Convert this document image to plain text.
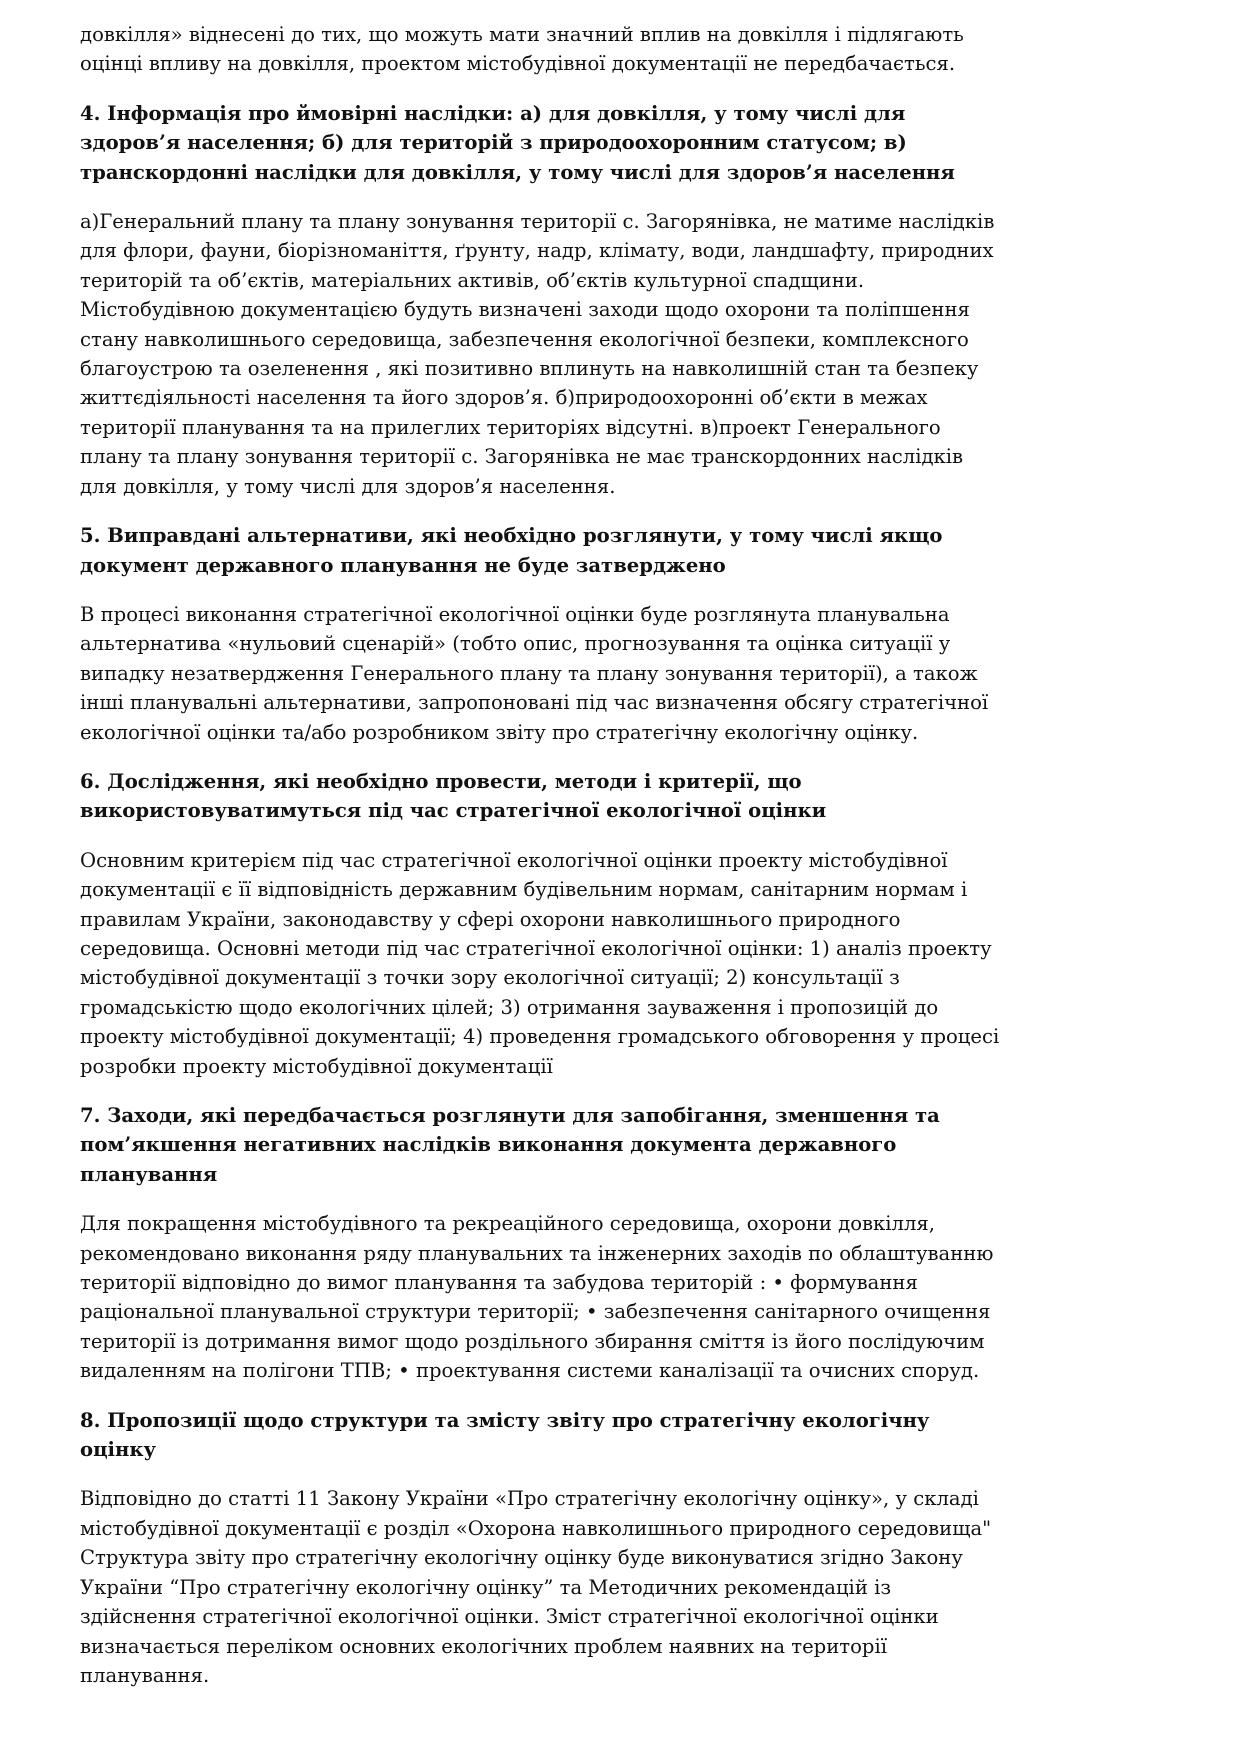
довкілля» віднесені до тих, що можуть мати значний вплив на довкілля і підлягають
оцінці впливу на довкілля, проектом містобудівної документації не передбачається.

4. Інформація про ймовірні наслідки: а) для довкілля, у тому числі для
здоров’я населення; б) для територій з природоохоронним статусом; в)
транскордонні наслідки для довкілля, у тому числі для здоров’я населення

а)Генеральний плану та плану зонування території с. Загорянівка, не матиме наслідків
для флори, фауни, біорізноманіття, ґрунту, надр, клімату, води, ландшафту, природних
територій та об’єктів, матеріальних активів, об’єктів культурної спадщини.
Містобудівною документацією будуть визначені заходи щодо охорони та поліпшення
стану навколишнього середовища, забезпечення екологічної безпеки, комплексного
благоустрою та озеленення , які позитивно вплинуть на навколишній стан та безпеку
життєдіяльності населення та його здоров’я. б)природоохоронні об’єкти в межах
території планування та на прилеглих територіях відсутні. в)проект Генерального
плану та плану зонування території с. Загорянівка не має транскордонних наслідків
для довкілля, у тому числі для здоров’я населення.

5. Виправдані альтернативи, які необхідно розглянути, у тому числі якщо
документ державного планування не буде затверджено

В процесі виконання стратегічної екологічної оцінки буде розглянута планувальна
альтернатива «нульовий сценарій» (тобто опис, прогнозування та оцінка ситуації у
випадку незатвердження Генерального плану та плану зонування території), а також
інші планувальні альтернативи, запропоновані під час визначення обсягу стратегічної
екологічної оцінки та/або розробником звіту про стратегічну екологічну оцінку.

6. Дослідження, які необхідно провести, методи і критерії, що
використовуватимуться під час стратегічної екологічної оцінки

Основним критерієм під час стратегічної екологічної оцінки проекту містобудівної
документації є її відповідність державним будівельним нормам, санітарним нормам і
правилам України, законодавству у сфері охорони навколишнього природного
середовища. Основні методи під час стратегічної екологічної оцінки: 1) аналіз проекту
містобудівної документації з точки зору екологічної ситуації; 2) консультації з
громадськістю щодо екологічних цілей; 3) отримання зауваження і пропозицій до
проекту містобудівної документації; 4) проведення громадського обговорення у процесі
розробки проекту містобудівної документації

7. Заходи, які передбачається розглянути для запобігання, зменшення та
пом’якшення негативних наслідків виконання документа державного
планування

Для покращення містобудівного та рекреаційного середовища, охорони довкілля,
рекомендовано виконання ряду планувальних та інженерних заходів по облаштуванню
території відповідно до вимог планування та забудова територій : • формування
раціональної планувальної структури території; • забезпечення санітарного очищення
території із дотримання вимог щодо роздільного збирання сміття із його послідуючим
видаленням на полігони ТПВ; • проектування системи каналізації та очисних споруд.

8. Пропозиції щодо структури та змісту звіту про стратегічну екологічну
оцінку

Відповідно до статті 11 Закону України «Про стратегічну екологічну оцінку», у складі
містобудівної документації є розділ «Охорона навколишнього природного середовища"
Структура звіту про стратегічну екологічну оцінку буде виконуватися згідно Закону
України “Про стратегічну екологічну оцінку” та Методичних рекомендацій із
здійснення стратегічної екологічної оцінки. Зміст стратегічної екологічної оцінки
визначається переліком основних екологічних проблем наявних на території
планування.
